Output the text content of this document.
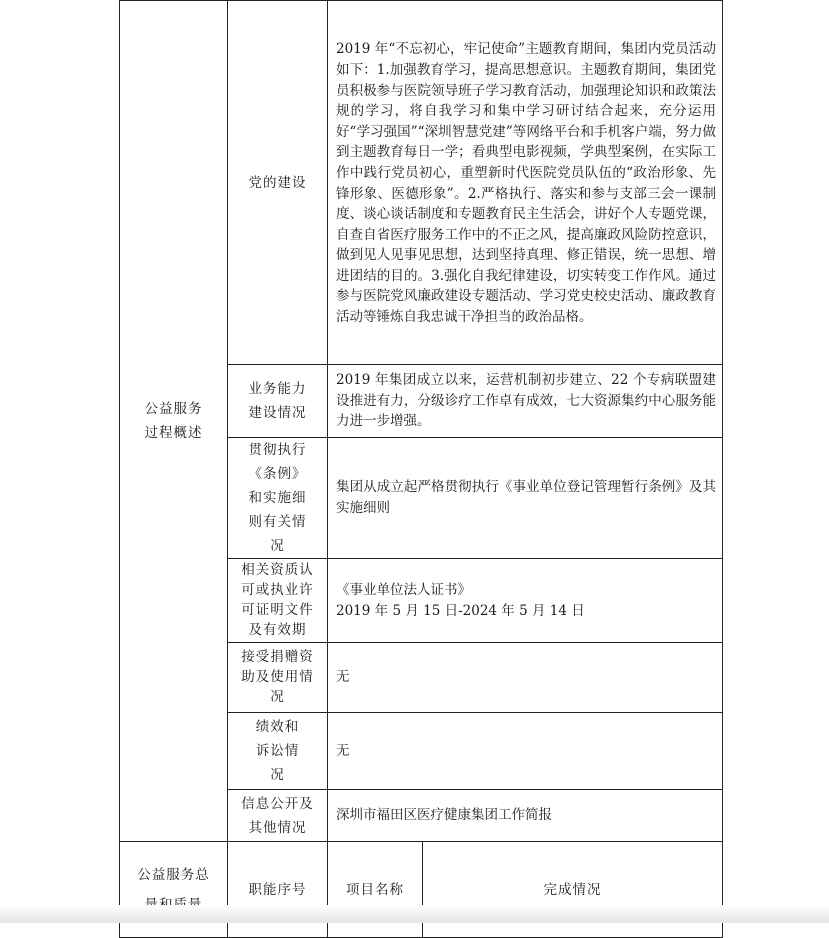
公益服务过程概述	党的建设	2019 年“不忘初心，牢记使命”主题教育期间，集团内党员活动如下：1.加强教育学习，提高思想意识。主题教育期间，集团党员积极参与医院领导班子学习教育活动，加强理论知识和政策法规的学习，将自我学习和集中学习研讨结合起来，充分运用好“学习强国”“深圳智慧党建”等网络平台和手机客户端，努力做到主题教育每日一学；看典型电影视频，学典型案例，在实际工作中践行党员初心，重塑新时代医院党员队伍的“政治形象、先锋形象、医德形象”。2.严格执行、落实和参与支部三会一课制度、谈心谈话制度和专题教育民主生活会，讲好个人专题党课，自查自省医疗服务工作中的不正之风，提高廉政风险防控意识，做到见人见事见思想，达到坚持真理、修正错误，统一思想、增进团结的目的。3.强化自我纪律建设，切实转变工作作风。通过参与医院党风廉政建设专题活动、学习党史校史活动、廉政教育活动等锤炼自我忠诚干净担当的政治品格。	
	业务能力建设情况	2019 年集团成立以来，运营机制初步建立、22 个专病联盟建设推进有力，分级诊疗工作卓有成效，七大资源集约中心服务能力进一步增强。	
	贯彻执行《条例》和实施细则有关情况	集团从成立起严格贯彻执行《事业单位登记管理暂行条例》及其实施细则	
	相关资质认可或执业许可证明文件及有效期	《事业单位法人证书》
2019 年 5 月 15 日-2024 年 5 月 14 日	

	接受捐赠资助及使用情况	无	
	绩效和诉讼情况	无	
	信息公开及其他情况	深圳市福田区医疗健康集团工作简报	
公益服务总	职能序号	项目名称	完成情况
